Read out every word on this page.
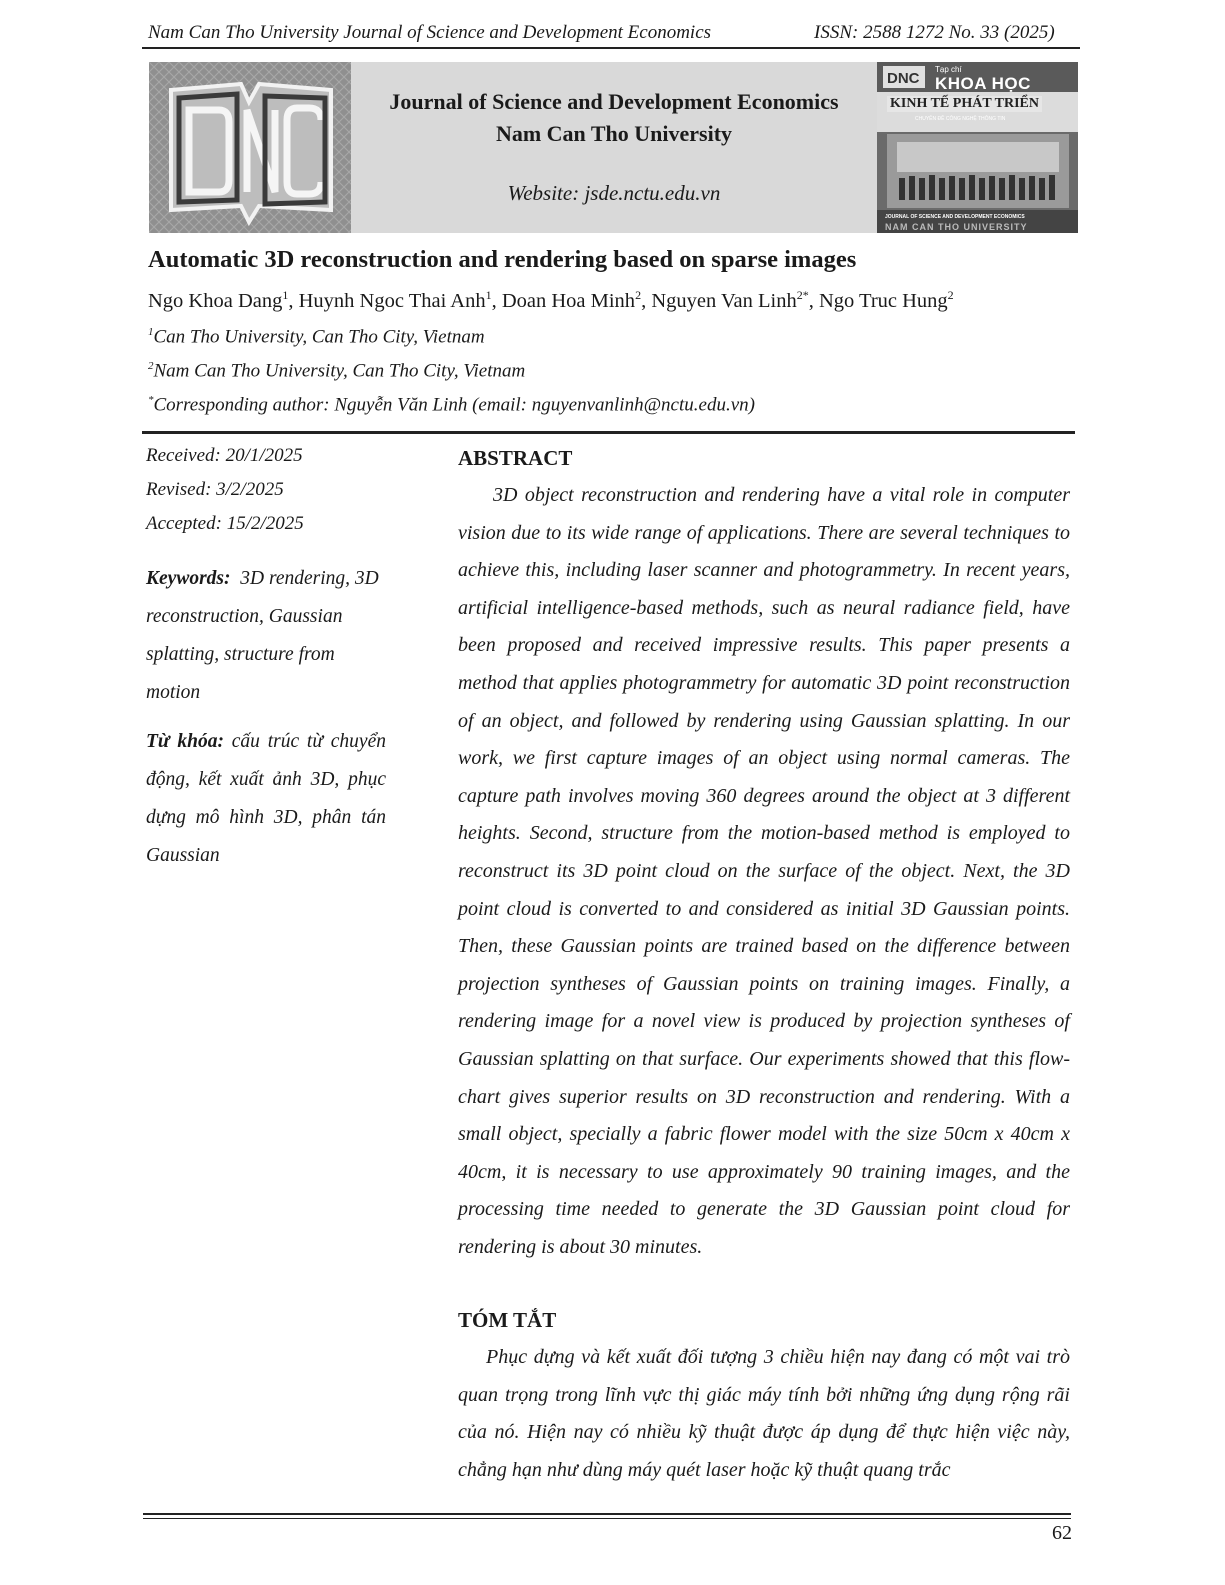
Nam Can Tho University Journal of Science and Development Economics	ISSN: 2588 1272 No. 33 (2025)
Journal of Science and Development Economics
Nam Can Tho University
Website: jsde.nctu.edu.vn
DNC
Tạp chí
KHOA HỌC
KINH TẾ PHÁT TRIỂN
CHUYÊN ĐỀ CÔNG NGHỆ THÔNG TIN
JOURNAL OF SCIENCE AND DEVELOPMENT ECONOMICS
NAM CAN THO UNIVERSITY
Automatic 3D reconstruction and rendering based on sparse images
Ngo Khoa Dang$^1$, Huynh Ngoc Thai Anh$^1$, Doan Hoa Minh$^2$, Nguyen Van Linh$^{2*}$, Ngo Truc Hung$^2$
$^1$Can Tho University, Can Tho City, Vietnam
$^2$Nam Can Tho University, Can Tho City, Vietnam
*Corresponding author: Nguyễn Văn Linh (email: nguyenvanlinh@nctu.edu.vn)
Received: 20/1/2025
Revised: 3/2/2025
Accepted: 15/2/2025
Keywords: 3D rendering, 3D reconstruction, Gaussian splatting, structure from motion
Từ khóa: cấu trúc từ chuyển động, kết xuất ảnh 3D, phục dựng mô hình 3D, phân tán Gaussian
ABSTRACT
3D object reconstruction and rendering have a vital role in computer vision due to its wide range of applications. There are several techniques to achieve this, including laser scanner and photogrammetry. In recent years, artificial intelligence-based methods, such as neural radiance field, have been proposed and received impressive results. This paper presents a method that applies photogrammetry for automatic 3D point reconstruction of an object, and followed by rendering using Gaussian splatting. In our work, we first capture images of an object using normal cameras. The capture path involves moving 360 degrees around the object at 3 different heights. Second, structure from the motion-based method is employed to reconstruct its 3D point cloud on the surface of the object. Next, the 3D point cloud is converted to and considered as initial 3D Gaussian points. Then, these Gaussian points are trained based on the difference between projection syntheses of Gaussian points on training images. Finally, a rendering image for a novel view is produced by projection syntheses of Gaussian splatting on that surface. Our experiments showed that this flow-chart gives superior results on 3D reconstruction and rendering. With a small object, specially a fabric flower model with the size 50cm x 40cm x 40cm, it is necessary to use approximately 90 training images, and the processing time needed to generate the 3D Gaussian point cloud for rendering is about 30 minutes.
TÓM TẮT
Phục dựng và kết xuất đối tượng 3 chiều hiện nay đang có một vai trò quan trọng trong lĩnh vực thị giác máy tính bởi những ứng dụng rộng rãi của nó. Hiện nay có nhiều kỹ thuật được áp dụng để thực hiện việc này, chẳng hạn như dùng máy quét laser hoặc kỹ thuật quang trắc
62
